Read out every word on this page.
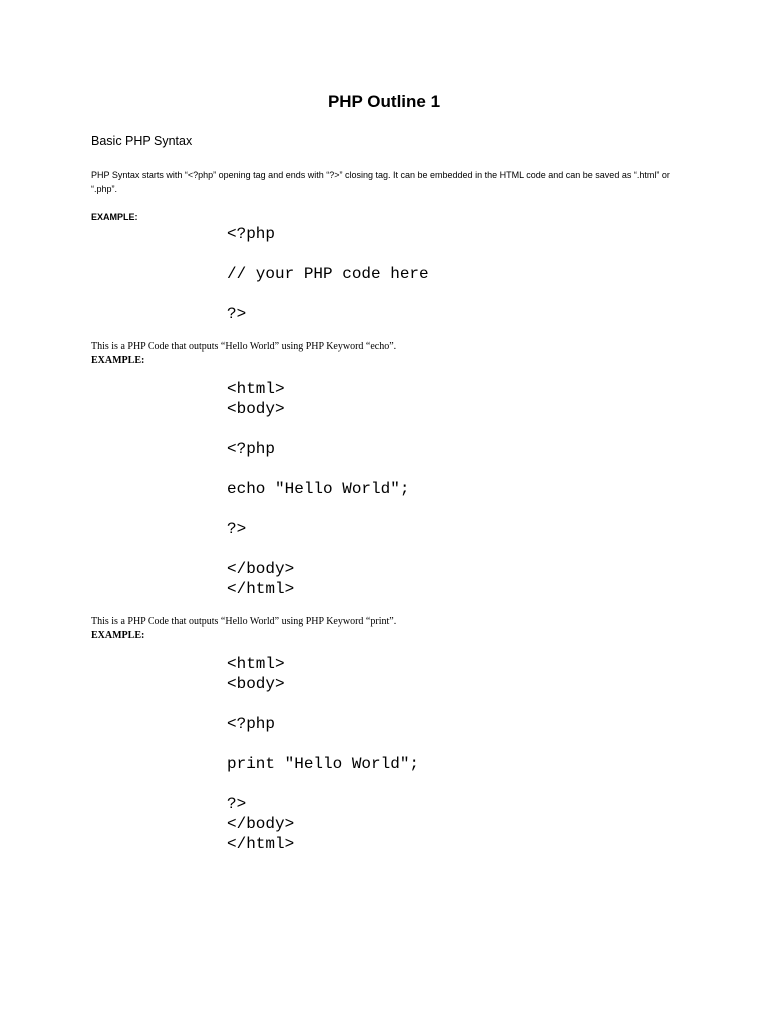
PHP Outline 1
Basic PHP Syntax
PHP Syntax starts with “<?php” opening tag and ends with “?>” closing tag. It can be embedded in the HTML code and can be saved as “.html” or “.php”.
EXAMPLE:
<?php
// your PHP code here
?>
This is a PHP Code that outputs “Hello World” using PHP Keyword “echo”.
EXAMPLE:
<html>
<body>
<?php
echo "Hello World";
?>
</body>
</html>
This is a PHP Code that outputs “Hello World” using PHP Keyword “print”.
EXAMPLE:
<html>
<body>
<?php
print "Hello World";
?>
</body>
</html>
